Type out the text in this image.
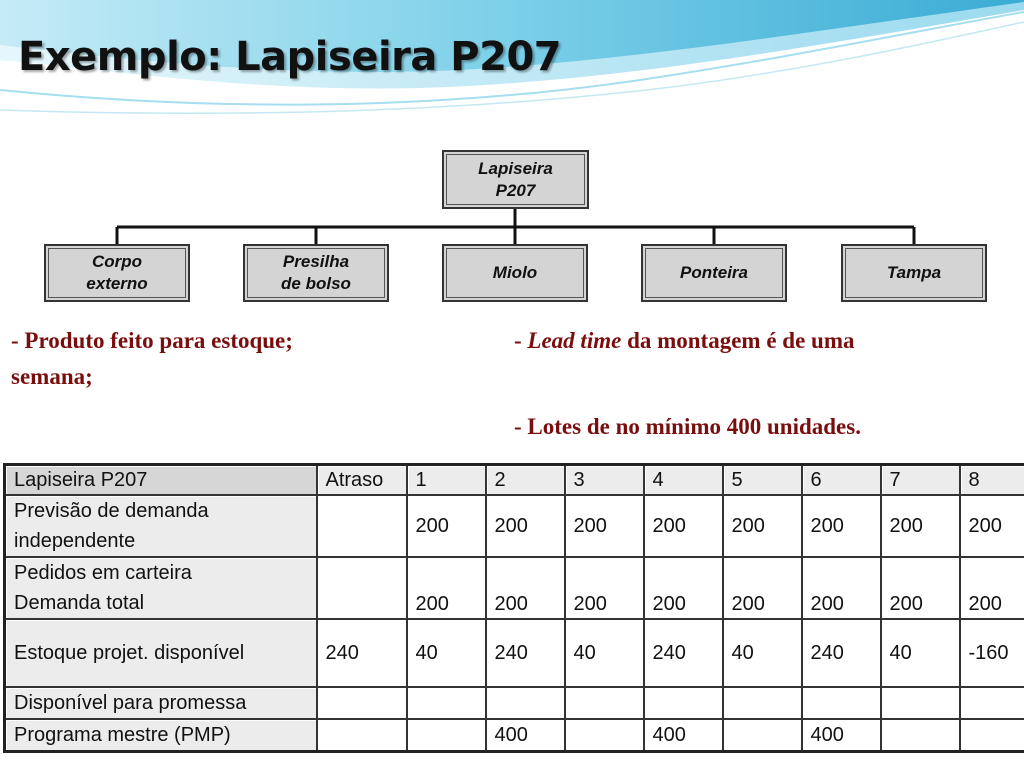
Exemplo: Lapiseira P207
Lapiseira
P207
Corpo
externo
Presilha
de bolso
Miolo	Ponteira	Tampa
- Produto feito para estoque;	- Lead time da montagem é de uma
semana;
- Lotes de no mínimo 400 unidades.
Lapiseira P207	Atraso	1	2	3	4	5	6	7	8
Previsão de demanda
independente		200	200	200	200	200	200	200	200
Pedidos em carteira
Demanda total		200	200	200	200	200	200	200	200
Estoque projet. disponível	240	40	240	40	240	40	240	40	-160
Disponível para promessa									
Programa mestre (PMP)			400		400		400		
